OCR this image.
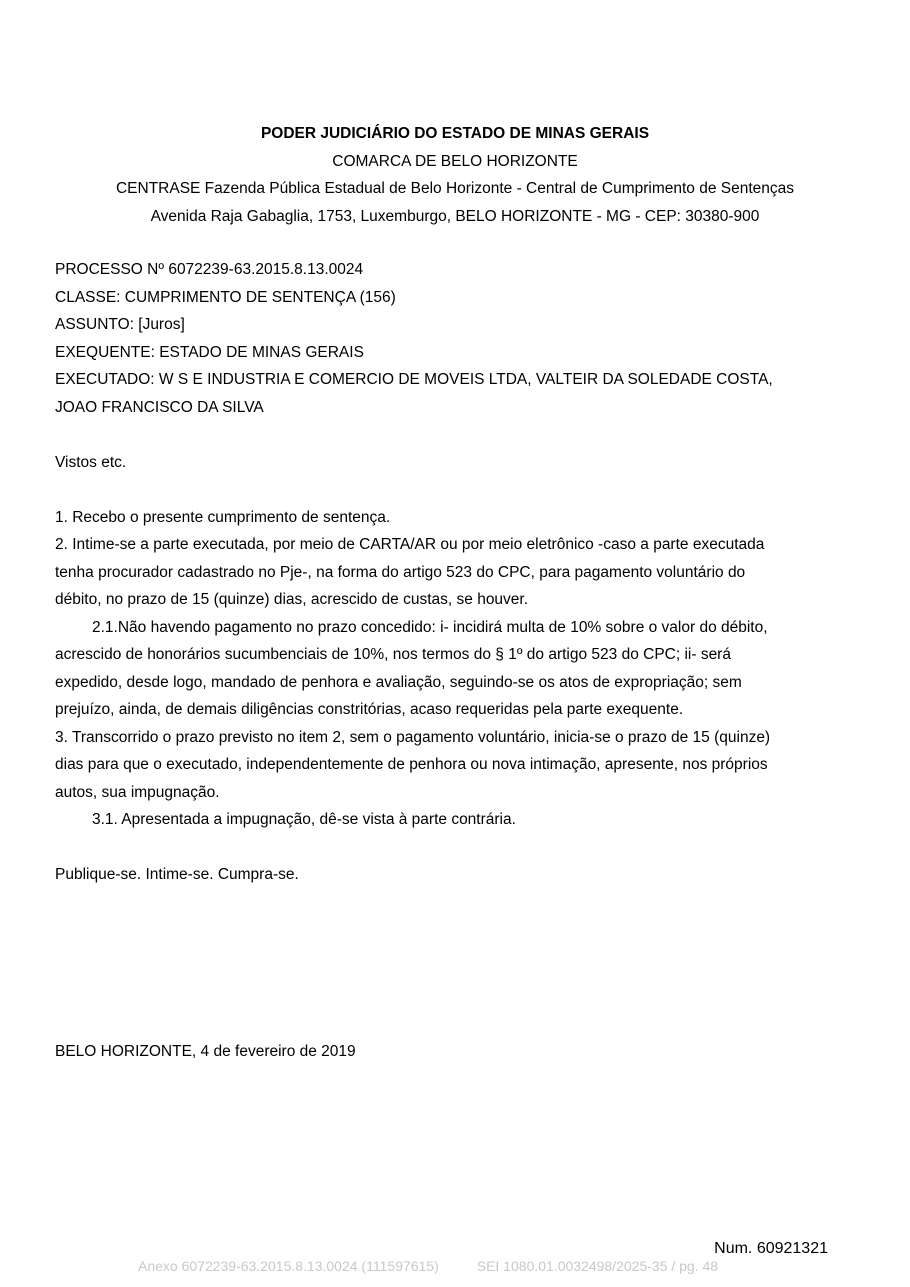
PODER JUDICIÁRIO DO ESTADO DE MINAS GERAIS
COMARCA DE BELO HORIZONTE
CENTRASE Fazenda Pública Estadual de Belo Horizonte - Central de Cumprimento de Sentenças
Avenida Raja Gabaglia, 1753, Luxemburgo, BELO HORIZONTE - MG - CEP: 30380-900
PROCESSO Nº 6072239-63.2015.8.13.0024
CLASSE: CUMPRIMENTO DE SENTENÇA (156)
ASSUNTO: [Juros]
EXEQUENTE: ESTADO DE MINAS GERAIS
EXECUTADO: W S E INDUSTRIA E COMERCIO DE MOVEIS LTDA, VALTEIR DA SOLEDADE COSTA,
JOAO FRANCISCO DA SILVA
Vistos etc.
1. Recebo o presente cumprimento de sentença.
2. Intime-se a parte executada, por meio de CARTA/AR ou por meio eletrônico -caso a parte executada
tenha procurador cadastrado no Pje-, na forma do artigo 523 do CPC, para pagamento voluntário do
débito, no prazo de 15 (quinze) dias, acrescido de custas, se houver.
2.1.Não havendo pagamento no prazo concedido: i- incidirá multa de 10% sobre o valor do débito,
acrescido de honorários sucumbenciais de 10%, nos termos do § 1º do artigo 523 do CPC; ii- será
expedido, desde logo, mandado de penhora e avaliação, seguindo-se os atos de expropriação; sem
prejuízo, ainda, de demais diligências constritórias, acaso requeridas pela parte exequente.
3. Transcorrido o prazo previsto no item 2, sem o pagamento voluntário, inicia-se o prazo de 15 (quinze)
dias para que o executado, independentemente de penhora ou nova intimação, apresente, nos próprios
autos, sua impugnação.
3.1. Apresentada a impugnação, dê-se vista à parte contrária.
Publique-se. Intime-se. Cumpra-se.
BELO HORIZONTE, 4 de fevereiro de 2019
Num. 60921321
Anexo 6072239-63.2015.8.13.0024 (111597615)	SEI 1080.01.0032498/2025-35 / pg. 48
